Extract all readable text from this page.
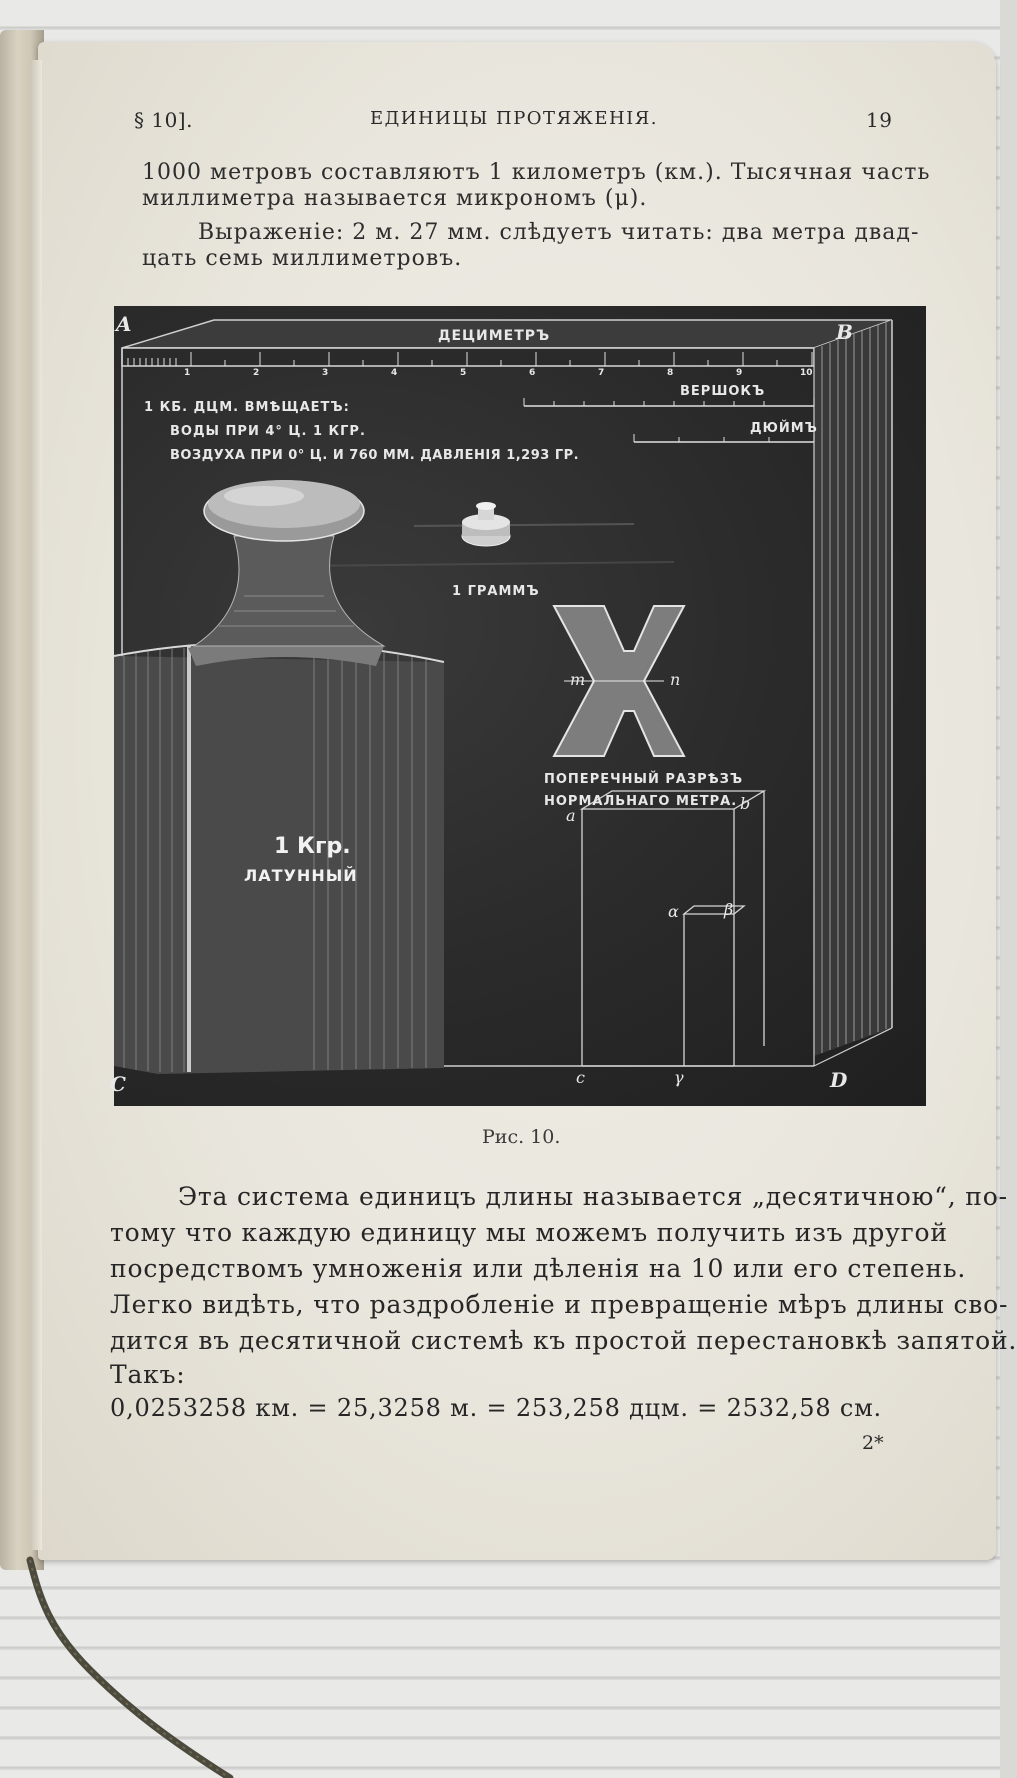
§ 10].	ЕДИНИЦЫ ПРОТЯЖЕНIЯ.	19
1000 метровъ составляютъ 1 километръ (км.). Тысячная часть
миллиметра называется микрономъ (μ).
Выраженiе: 2 м. 27 мм. слѣдуетъ читать: два метра двад-
цать семь миллиметровъ.
A	B
C	D
ДЕЦИМЕТРЪ
1	2	3	4	5	6	7	8	9	10
ВЕРШОКЪ
ДЮЙМЪ
1 КБ. ДЦМ. ВМѢЩАЕТЪ:
ВОДЫ ПРИ 4° Ц. 1 КГР.
ВОЗДУХА ПРИ 0° Ц. И 760 ММ. ДАВЛЕНIЯ 1,293 ГР.
1 ГРАММЪ
1 Кгр.
ЛАТУННЫЙ
m	n
ПОПЕРЕЧНЫЙ РАЗРѢЗЪ
НОРМАЛЬНАГО МЕТРА.
a
b
c
α	β
γ
Рис. 10.
Эта система единицъ длины называется „десятичною“, по-
тому что каждую единицу мы можемъ получить изъ другой
посредствомъ умноженiя или дѣленiя на 10 или его степень.
Легко видѣть, что раздробленiе и превращенiе мѣръ длины сво-
дится въ десятичной системѣ къ простой перестановкѣ запятой.
Такъ:
0,0253258 км. = 25,3258 м. = 253,258 дцм. = 2532,58 см.
2*
